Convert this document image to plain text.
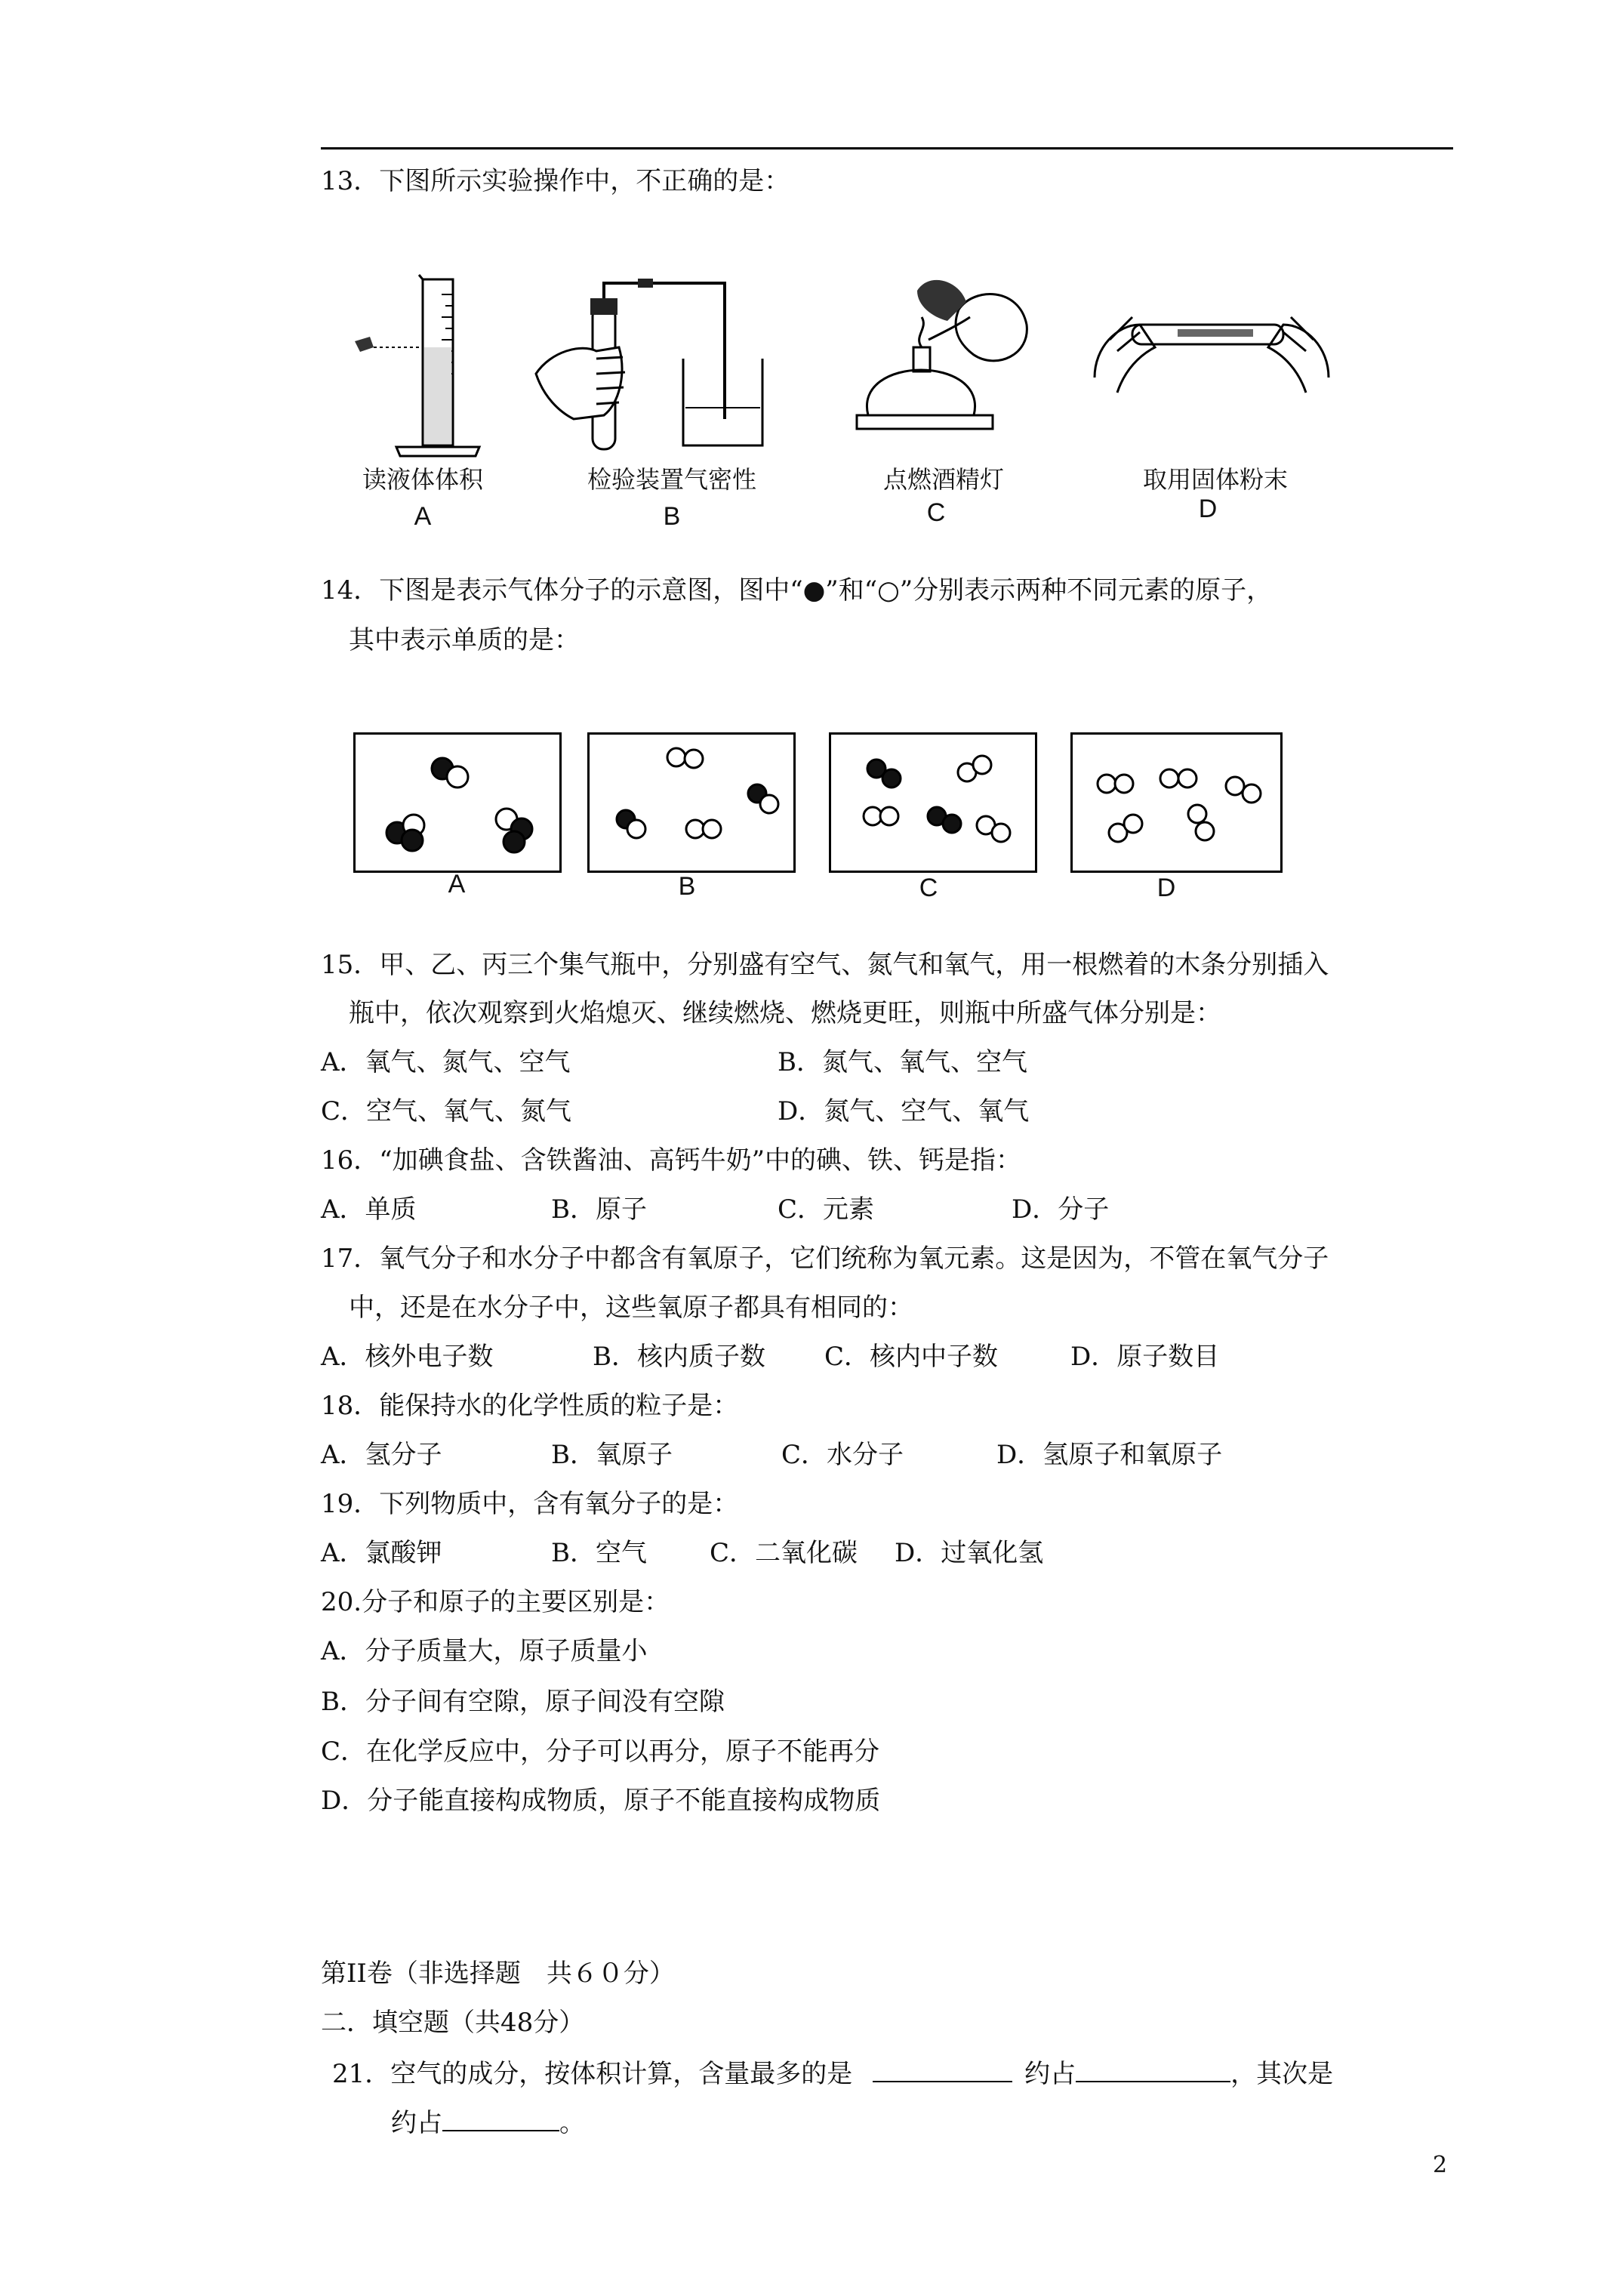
13．下图所示实验操作中，不正确的是：
读液体体积
A
检验装置气密性
B
点燃酒精灯
C
取用固体粉末
D
14．下图是表示气体分子的示意图，图中“●”和“○”分别表示两种不同元素的原子，
其中表示单质的是：
A	B	C	D
15．甲、乙、丙三个集气瓶中，分别盛有空气、氮气和氧气，用一根燃着的木条分别插入
瓶中，依次观察到火焰熄灭、继续燃烧、燃烧更旺，则瓶中所盛气体分别是：
A．氧气、氮气、空气	B．氮气、氧气、空气
C．空气、氧气、氮气	D．氮气、空气、氧气
16．“加碘食盐、含铁酱油、高钙牛奶”中的碘、铁、钙是指：
A．单质	B．原子	C．元素	D．分子
17．氧气分子和水分子中都含有氧原子，它们统称为氧元素。这是因为，不管在氧气分子
中，还是在水分子中，这些氧原子都具有相同的：
A．核外电子数	B．核内质子数 C．核内中子数	D．原子数目
18．能保持水的化学性质的粒子是：
A．氢分子	B．氧原子	C．水分子	D．氢原子和氧原子
19．下列物质中，含有氧分子的是：
A．氯酸钾	B．空气 C．二氧化碳 D．过氧化氢
20.分子和原子的主要区别是：
A．分子质量大，原子质量小
B．分子间有空隙，原子间没有空隙
C．在化学反应中，分子可以再分，原子不能再分
D．分子能直接构成物质，原子不能直接构成物质
第II卷（非选择题　共６０分）
二．填空题（共48分）
21．空气的成分，按体积计算，含量最多的是	约占	，其次是
约占	。
2
